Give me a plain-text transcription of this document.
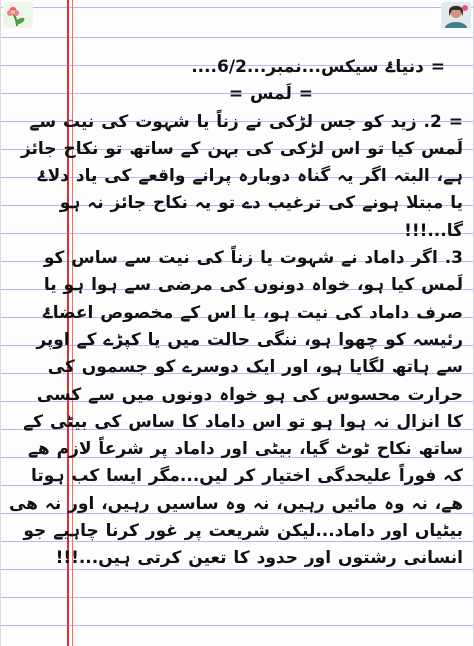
= دنیاۓ سیکس...نمبر...6/2....
= لَمس =
= 2. زید کو جس لڑکی نے زناً یا شہوت کی نیت سے
لَمس کیا تو اس لڑکی کی بہن کے ساتھ تو نکاح جائز
ہے، البتہ اگر یہ گناہ دوبارہ پرانے واقعے کی یاد دلاۓ
یا مبتلا ہونے کی ترغیب دے تو یہ نکاح جائز نہ ہو
گا...!!!
3. اگر داماد نے شہوت یا زناً کی نیت سے ساس کو
لَمس کیا ہو، خواہ دونوں کی مرضی سے ہوا ہو یا
صرف داماد کی نیت ہو، یا اس کے مخصوص اعضاۓ
رئیسہ کو چھوا ہو، ننگی حالت میں یا کپڑے کے اوپر
سے ہاتھ لگایا ہو، اور ایک دوسرے کو جسموں کی
حرارت محسوس کی ہو خواہ دونوں میں سے کسی
کا انزال نہ ہوا ہو تو اس داماد کا ساس کی بیٹی کے
ساتھ نکاح ٹوٹ گیا، بیٹی اور داماد پر شرعاً لازم ھے
کہ فوراً علیحدگی اختیار کر لیں...مگر ایسا کب ہوتا
ھے، نہ وہ مائیں رہیں، نہ وہ ساسیں رہیں، اور نہ ھی
بیٹیاں اور داماد...لیکن شریعت پر غور کرنا چاہیے جو
انسانی رشتوں اور حدود کا تعین کرتی ہیں...!!!
